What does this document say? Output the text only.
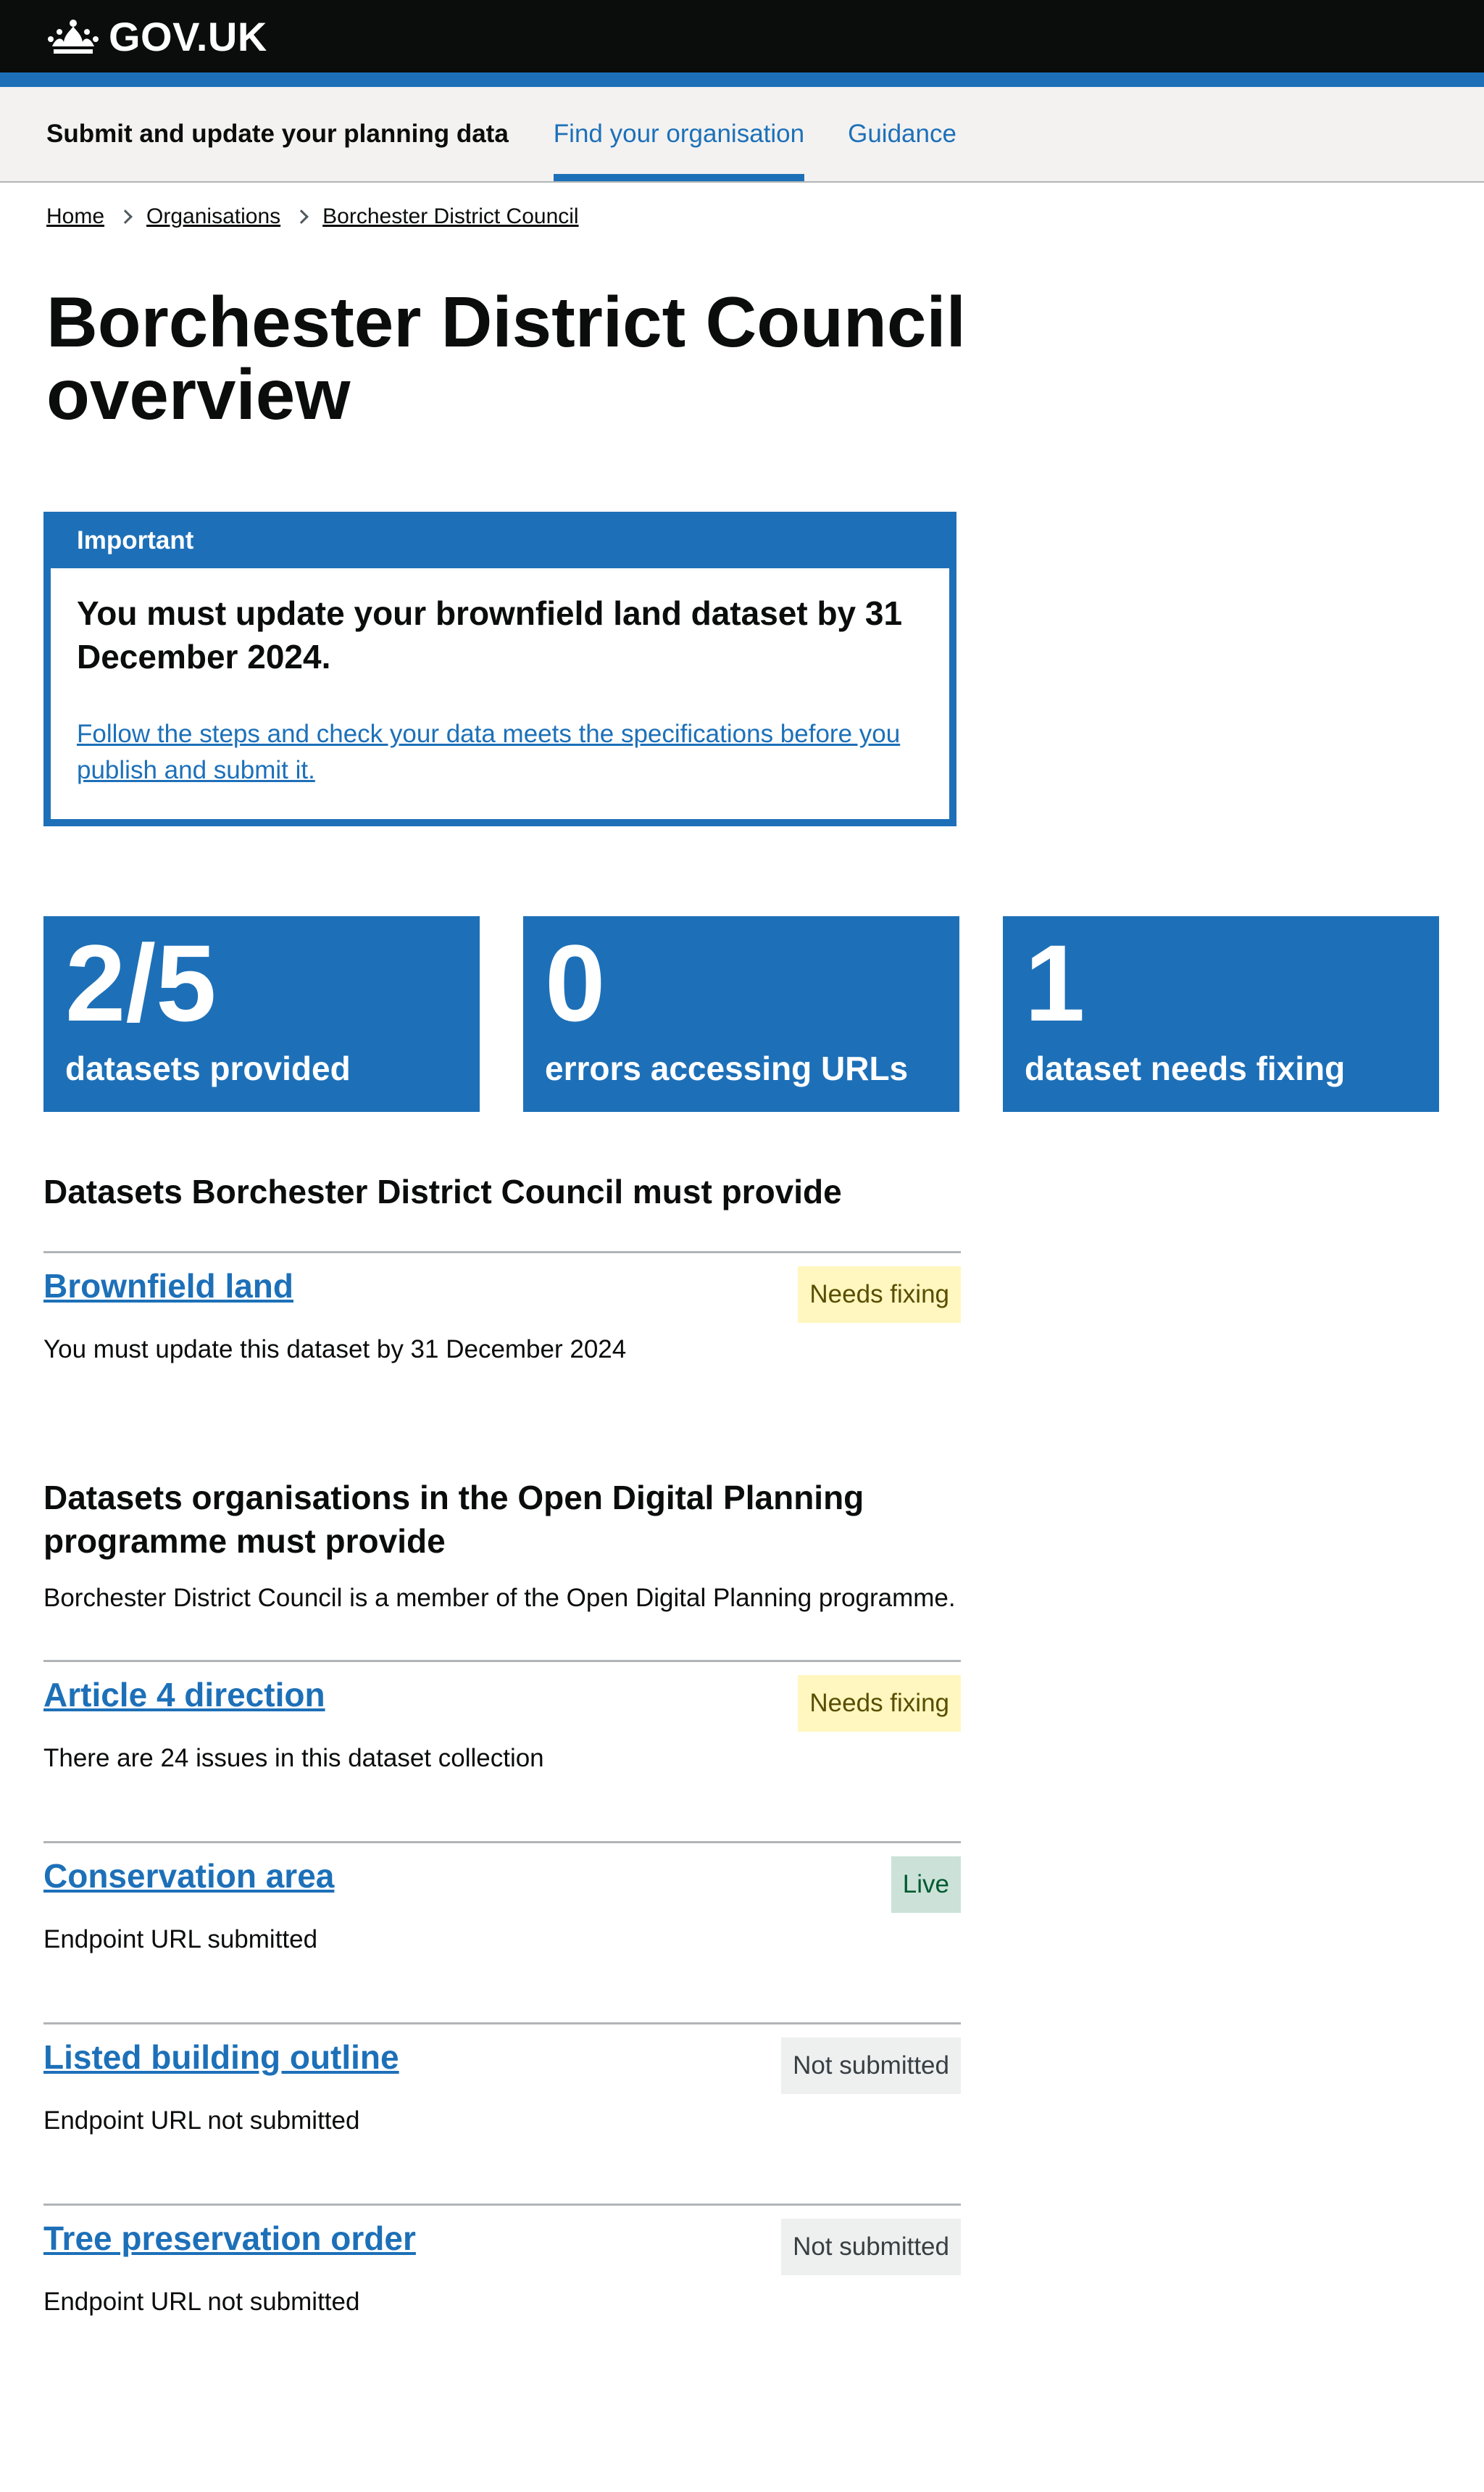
GOV.UK
Submit and update your planning data Find your organisation Guidance
Home Organisations Borchester District Council
Borchester District Council overview
Important

You must update your brownfield land dataset by 31 December 2024.

Follow the steps and check your data meets the specifications before you publish and submit it.
2/5
datasets provided
0
errors accessing URLs
1
dataset needs fixing
Datasets Borchester District Council must provide
Brownfield land	Needs fixing

You must update this dataset by 31 December 2024

Datasets organisations in the Open Digital Planning programme must provide

Borchester District Council is a member of the Open Digital Planning programme.

Article 4 direction	Needs fixing

There are 24 issues in this dataset collection

Conservation area	Live

Endpoint URL submitted

Listed building outline	Not submitted

Endpoint URL not submitted

Tree preservation order	Not submitted

Endpoint URL not submitted
